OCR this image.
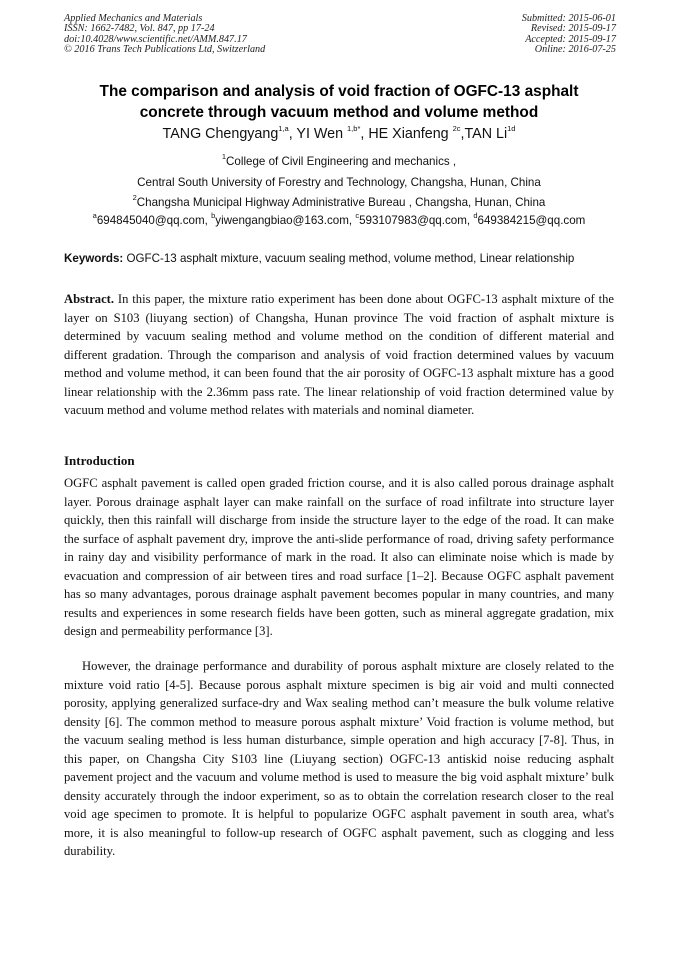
Applied Mechanics and Materials
ISSN: 1662-7482, Vol. 847, pp 17-24
doi:10.4028/www.scientific.net/AMM.847.17
© 2016 Trans Tech Publications Ltd, Switzerland
Submitted: 2015-06-01
Revised: 2015-09-17
Accepted: 2015-09-17
Online: 2016-07-25
The comparison and analysis of void fraction of OGFC-13 asphalt
concrete through vacuum method and volume method
TANG Chengyang$^{1,a}$, YI Wen $^{1,b*}$, HE Xianfeng $^{2c}$,TAN $Li^{1d}$
$^1$College of Civil Engineering and mechanics ,
Central South University of Forestry and Technology, Changsha, Hunan, China
$^2$Changsha Municipal Highway Administrative Bureau , Changsha, Hunan, China
$^a$694845040@qq.com, $^b$yiwengangbiao@163.com, $^c$593107983@qq.com, $^d$649384215@qq.com
Keywords: OGFC-13 asphalt mixture, vacuum sealing method, volume method, Linear relationship

Abstract. In this paper, the mixture ratio experiment has been done about OGFC-13 asphalt mixture of the layer on S103 (liuyang section) of Changsha, Hunan province The void fraction of asphalt mixture is determined by vacuum sealing method and volume method on the condition of different material and different gradation. Through the comparison and analysis of void fraction determined values by vacuum method and volume method, it can been found that the air porosity of OGFC-13 asphalt mixture has a good linear relationship with the 2.36mm pass rate. The linear relationship of void fraction determined value by vacuum method and volume method relates with materials and nominal diameter.

Introduction

OGFC asphalt pavement is called open graded friction course, and it is also called porous drainage asphalt layer. Porous drainage asphalt layer can make rainfall on the surface of road infiltrate into structure layer quickly, then this rainfall will discharge from inside the structure layer to the edge of the road. It can make the surface of asphalt pavement dry, improve the anti-slide performance of road, driving safety performance in rainy day and visibility performance of mark in the road. It also can eliminate noise which is made by evacuation and compression of air between tires and road surface [1–2]. Because OGFC asphalt pavement has so many advantages, porous drainage asphalt pavement becomes popular in many countries, and many results and experiences in some research fields have been gotten, such as mineral aggregate gradation, mix design and permeability performance [3].

However, the drainage performance and durability of porous asphalt mixture are closely related to the mixture void ratio [4-5]. Because porous asphalt mixture specimen is big air void and multi connected porosity, applying generalized surface-dry and Wax sealing method can’t measure the bulk volume relative density [6]. The common method to measure porous asphalt mixture’ Void fraction is volume method, but the vacuum sealing method is less human disturbance, simple operation and high accuracy [7-8]. Thus, in this paper, on Changsha City S103 line (Liuyang section) OGFC-13 antiskid noise reducing asphalt pavement project and the vacuum and volume method is used to measure the big void asphalt mixture’ bulk density accurately through the indoor experiment, so as to obtain the correlation research closer to the real void age specimen to promote. It is helpful to popularize OGFC asphalt pavement in south area, what's more, it is also meaningful to follow-up research of OGFC asphalt pavement, such as clogging and less durability.
